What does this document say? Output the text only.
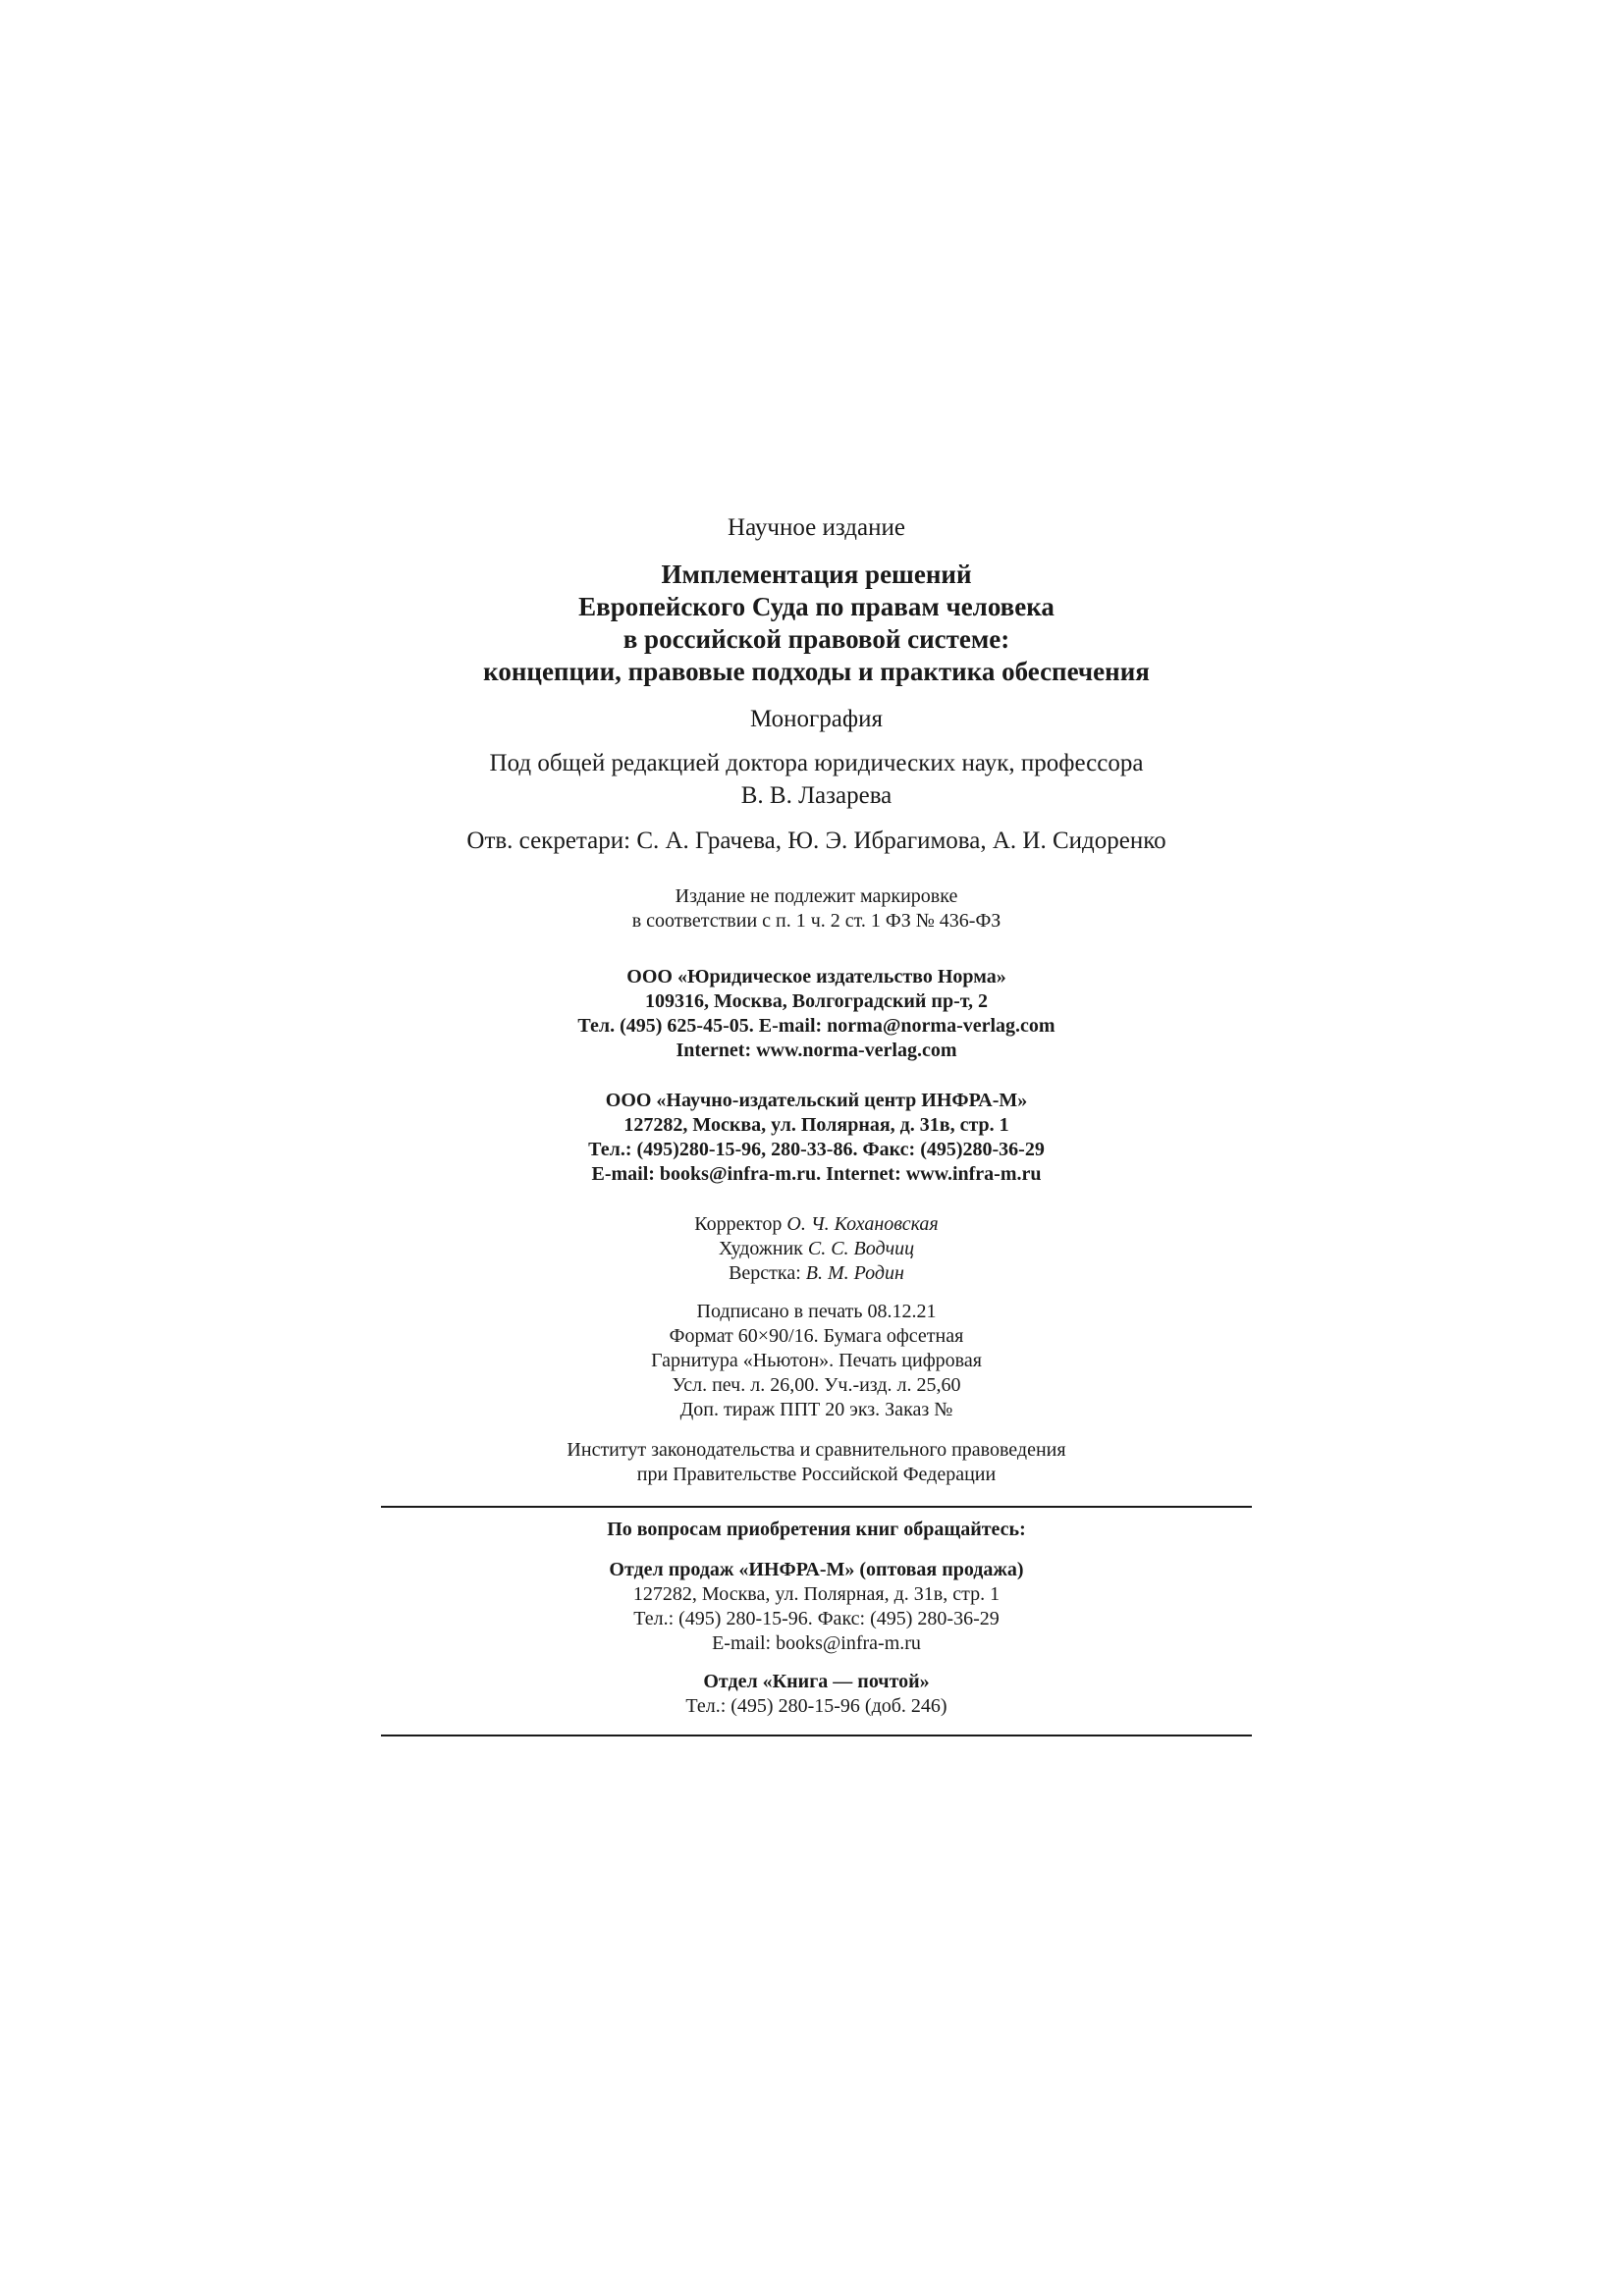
Научное издание
Имплементация решений
Европейского Суда по правам человека
в российской правовой системе:
концепции, правовые подходы и практика обеспечения
Монография
Под общей редакцией доктора юридических наук, профессора
В. В. Лазарева
Отв. секретари: С. А. Грачева, Ю. Э. Ибрагимова, А. И. Сидоренко
Издание не подлежит маркировке
в соответствии с п. 1 ч. 2 ст. 1 ФЗ № 436-ФЗ
ООО «Юридическое издательство Норма»
109316, Москва, Волгоградский пр-т, 2
Тел. (495) 625-45-05. E-mail: norma@norma-verlag.com
Internet: www.norma-verlag.com
ООО «Научно-издательский центр ИНФРА-М»
127282, Москва, ул. Полярная, д. 31в, стр. 1
Тел.: (495)280-15-96, 280-33-86. Факс: (495)280-36-29
E-mail: books@infra-m.ru. Internet: www.infra-m.ru
Корректор О. Ч. Кохановская
Художник С. С. Водчиц
Верстка: В. М. Родин
Подписано в печать 08.12.21
Формат 60×90/16. Бумага офсетная
Гарнитура «Ньютон». Печать цифровая
Усл. печ. л. 26,00. Уч.-изд. л. 25,60
Доп. тираж ППТ 20 экз. Заказ №
Институт законодательства и сравнительного правоведения
при Правительстве Российской Федерации
По вопросам приобретения книг обращайтесь:
Отдел продаж «ИНФРА-М» (оптовая продажа)
127282, Москва, ул. Полярная, д. 31в, стр. 1
Тел.: (495) 280-15-96. Факс: (495) 280-36-29
E-mail: books@infra-m.ru
Отдел «Книга — почтой»
Тел.: (495) 280-15-96 (доб. 246)
